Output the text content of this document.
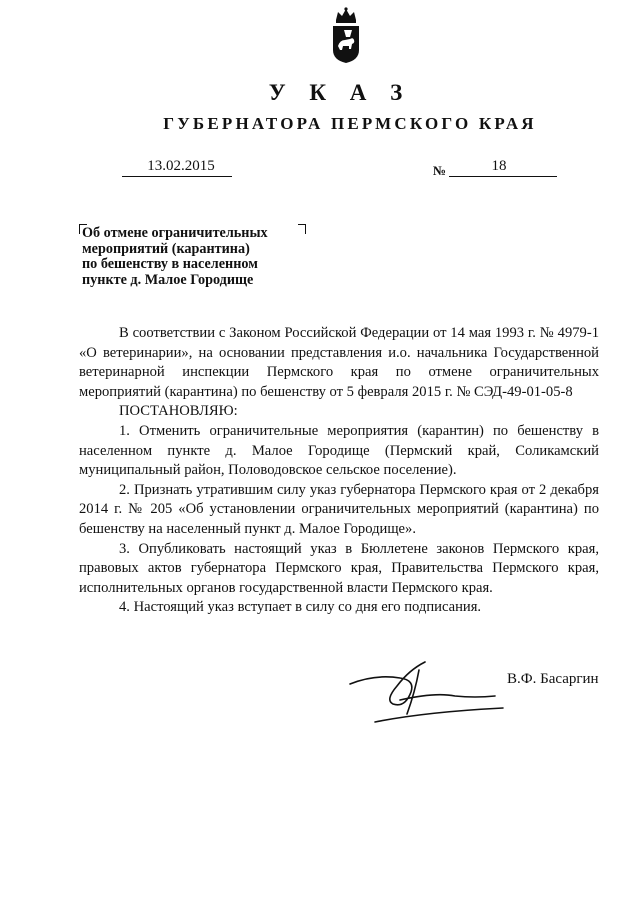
У К А З
ГУБЕРНАТОРА ПЕРМСКОГО КРАЯ
13.02.2015	№	18
Об отмене ограничительных
мероприятий (карантина)
по бешенству в населенном
пункте д. Малое Городище

В соответствии с Законом Российской Федерации от 14 мая 1993 г. № 4979-1 «О ветеринарии», на основании представления и.о. начальника Государственной ветеринарной инспекции Пермского края по отмене ограничительных мероприятий (карантина) по бешенству от 5 февраля 2015 г. № СЭД-49-01-05-8

ПОСТАНОВЛЯЮ:

1. Отменить ограничительные мероприятия (карантин) по бешенству в населенном пункте д. Малое Городище (Пермский край, Соликамский муниципальный район, Половодовское сельское поселение).

2. Признать утратившим силу указ губернатора Пермского края от 2 декабря 2014 г. № 205 «Об установлении ограничительных мероприятий (карантина) по бешенству на населенный пункт д. Малое Городище».

3. Опубликовать настоящий указ в Бюллетене законов Пермского края, правовых актов губернатора Пермского края, Правительства Пермского края, исполнительных органов государственной власти Пермского края.

4. Настоящий указ вступает в силу со дня его подписания.

В.Ф. Басаргин
